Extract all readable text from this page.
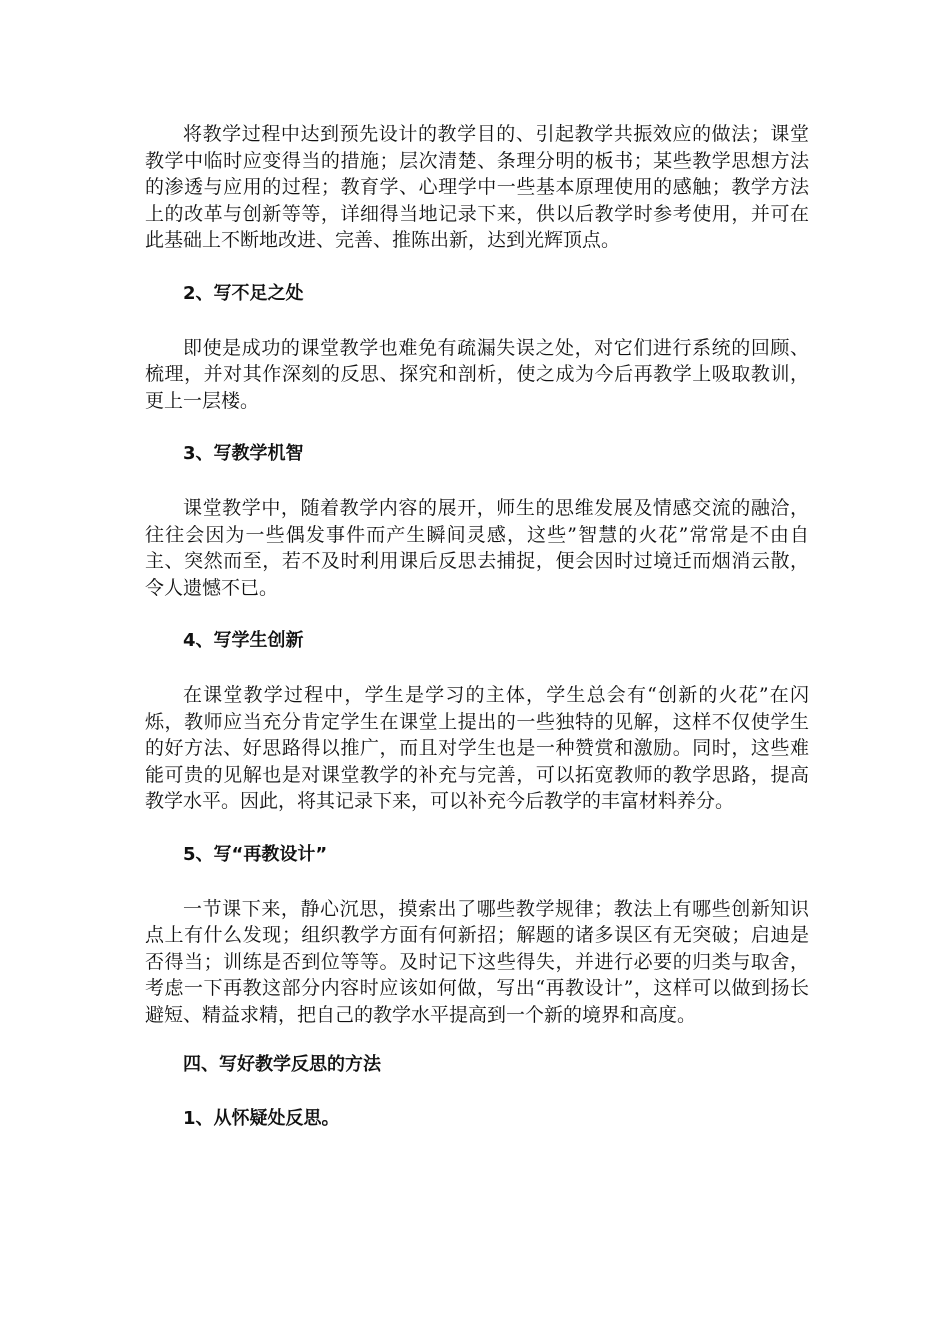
将教学过程中达到预先设计的教学目的、引起教学共振效应的做法；课堂教学中临时应变得当的措施；层次清楚、条理分明的板书；某些教学思想方法的渗透与应用的过程；教育学、心理学中一些基本原理使用的感触；教学方法上的改革与创新等等，详细得当地记录下来，供以后教学时参考使用，并可在此基础上不断地改进、完善、推陈出新，达到光辉顶点。

2、写不足之处

即使是成功的课堂教学也难免有疏漏失误之处，对它们进行系统的回顾、梳理，并对其作深刻的反思、探究和剖析，使之成为今后再教学上吸取教训，更上一层楼。

3、写教学机智

课堂教学中，随着教学内容的展开，师生的思维发展及情感交流的融洽，往往会因为一些偶发事件而产生瞬间灵感，这些”智慧的火花”常常是不由自主、突然而至，若不及时利用课后反思去捕捉，便会因时过境迁而烟消云散，令人遗憾不已。

4、写学生创新

在课堂教学过程中，学生是学习的主体，学生总会有“创新的火花”在闪烁，教师应当充分肯定学生在课堂上提出的一些独特的见解，这样不仅使学生的好方法、好思路得以推广，而且对学生也是一种赞赏和激励。同时，这些难能可贵的见解也是对课堂教学的补充与完善，可以拓宽教师的教学思路，提高教学水平。因此，将其记录下来，可以补充今后教学的丰富材料养分。

5、写“再教设计”

一节课下来，静心沉思，摸索出了哪些教学规律；教法上有哪些创新知识点上有什么发现；组织教学方面有何新招；解题的诸多误区有无突破；启迪是否得当；训练是否到位等等。及时记下这些得失，并进行必要的归类与取舍，考虑一下再教这部分内容时应该如何做，写出“再教设计”，这样可以做到扬长避短、精益求精，把自己的教学水平提高到一个新的境界和高度。

四、写好教学反思的方法

1、从怀疑处反思。
